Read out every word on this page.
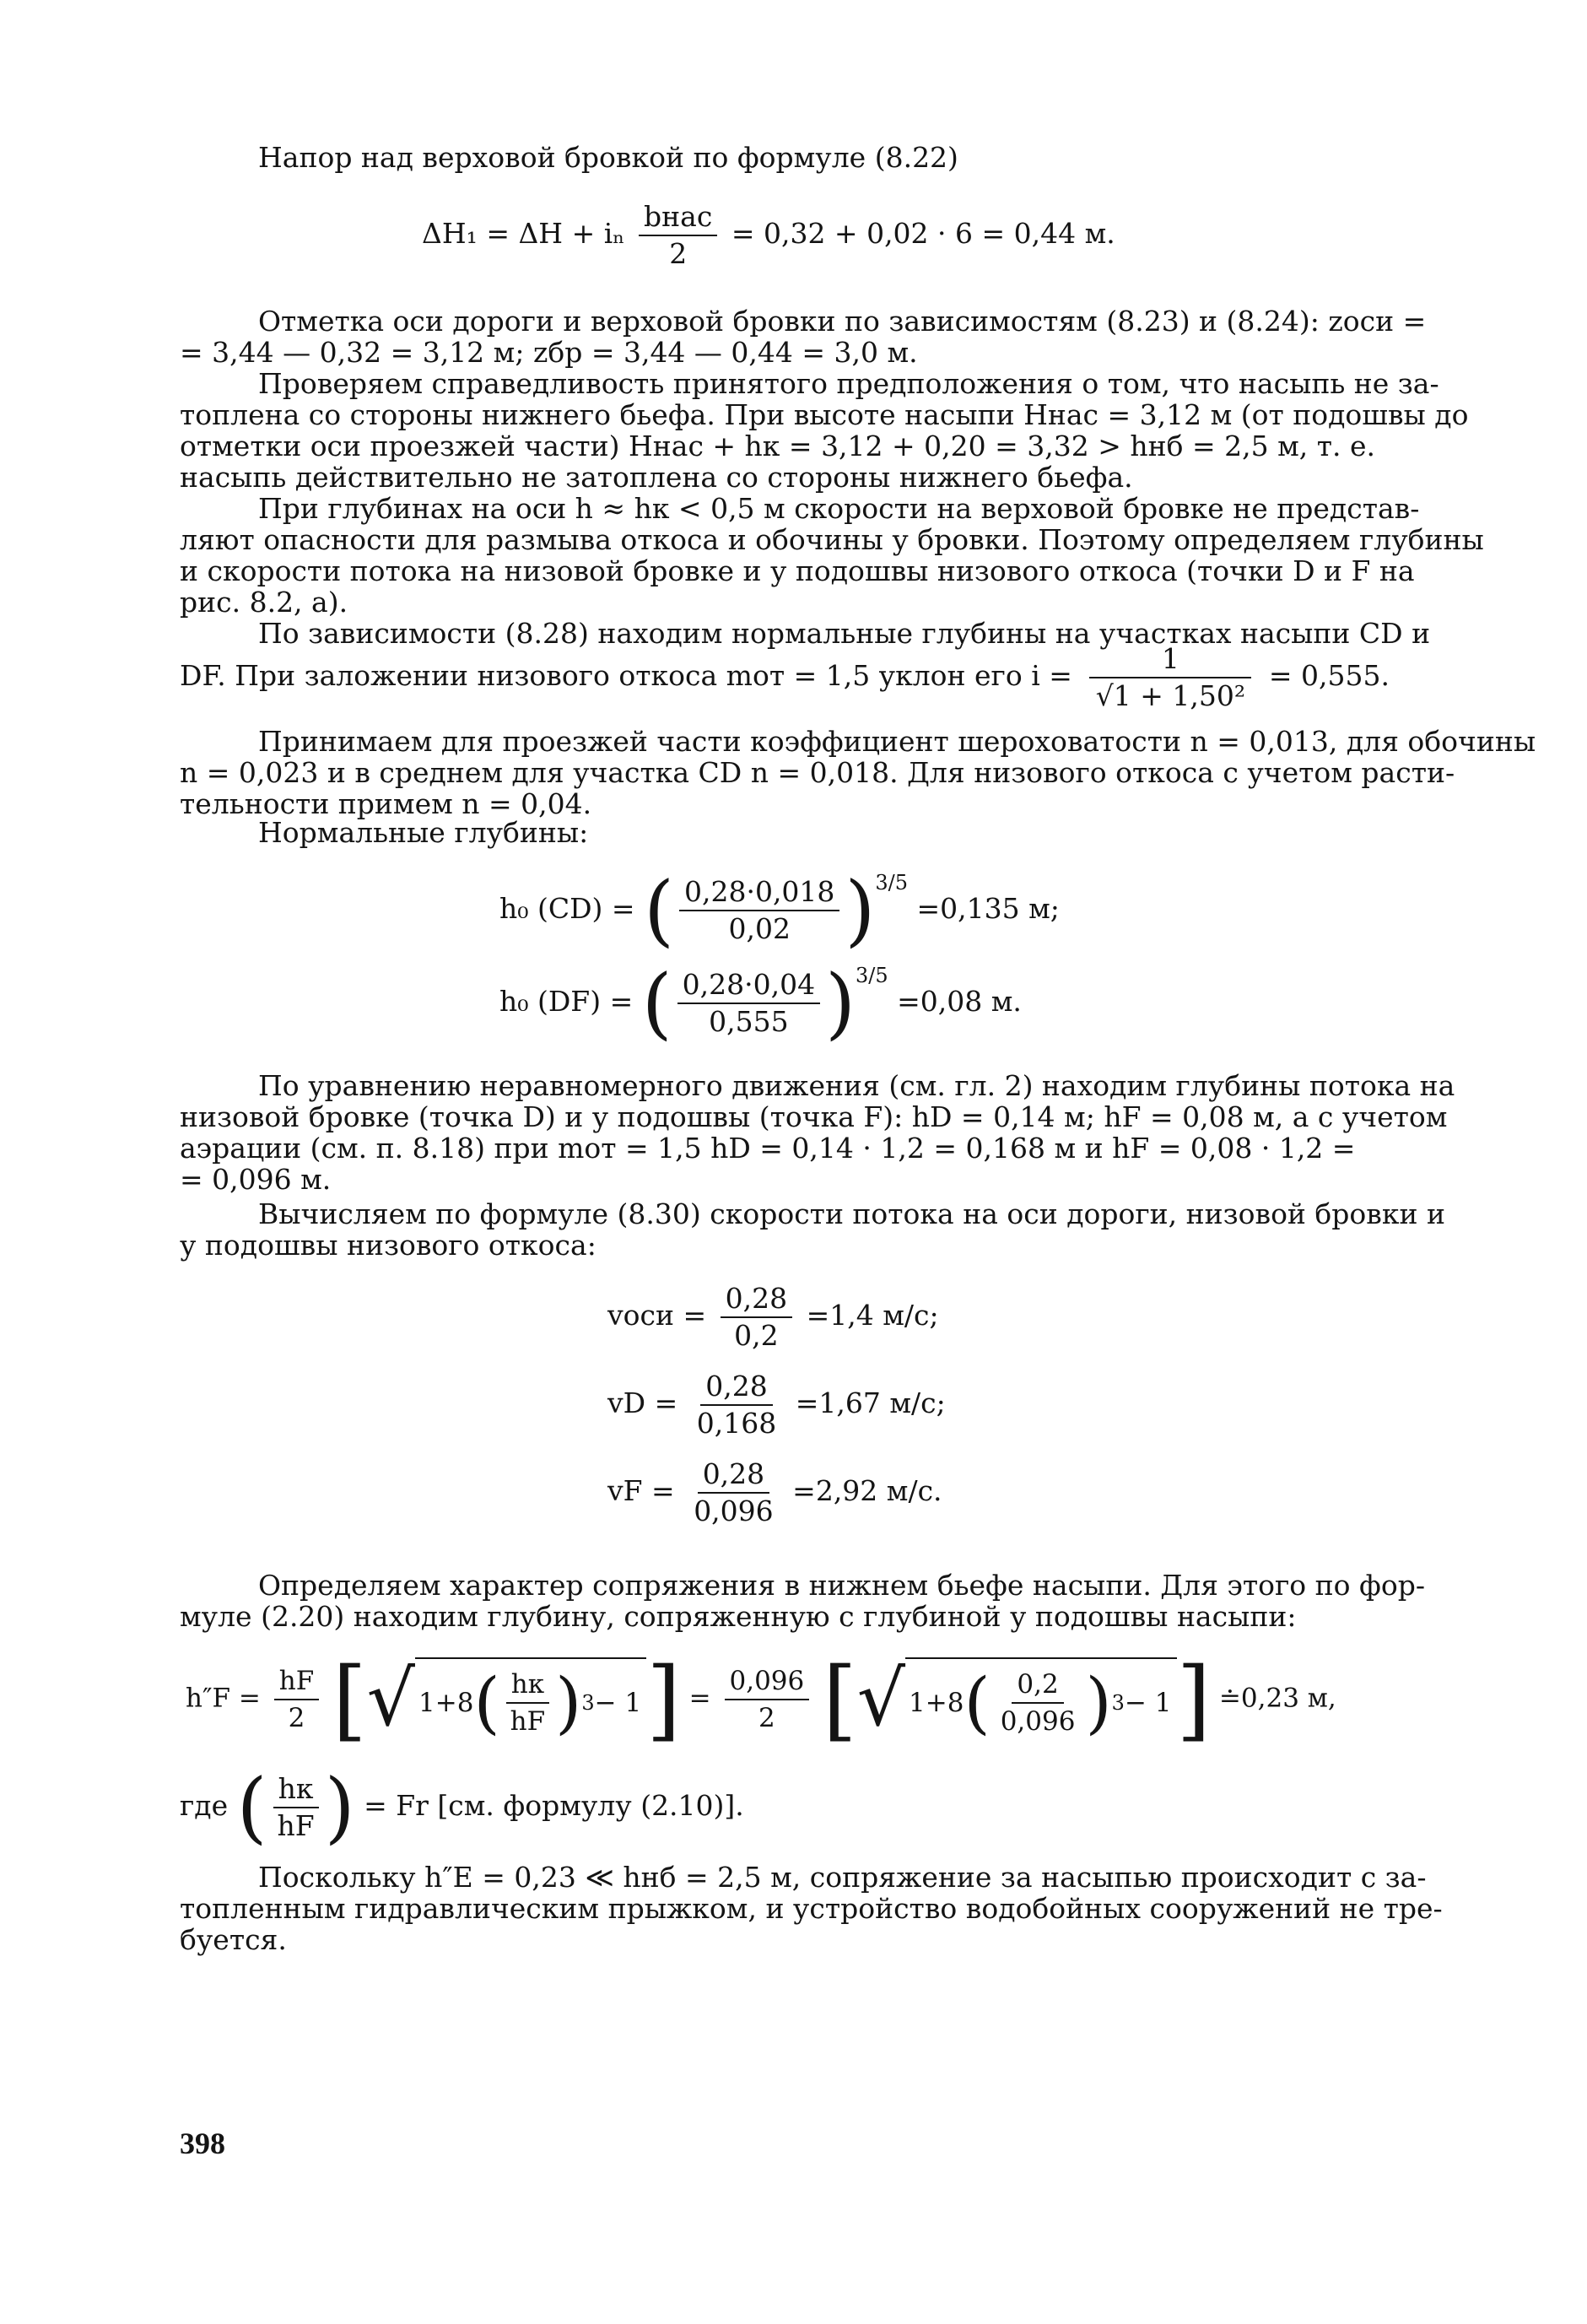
Напор над верховой бровкой по формуле (8.22)

ΔH₁ = ΔH + iₙ $\frac{\text{bнас}}{2} = 0,32 + 0,02 \cdot 6 = 0,44$ м.

Отметка оси дороги и верховой бровки по зависимостям (8.23) и (8.24): zоси =
= 3,44 — 0,32 = 3,12 м; zбр = 3,44 — 0,44 = 3,0 м.

Проверяем справедливость принятого предположения о том, что насыпь не за-
топлена со стороны нижнего бьефа. При высоте насыпи Hнас = 3,12 м (от подошвы до
отметки оси проезжей части) Hнас + hк = 3,12 + 0,20 = 3,32 > hнб = 2,5 м, т. е.
насыпь действительно не затоплена со стороны нижнего бьефа.

При глубинах на оси h ≈ hк < 0,5 м скорости на верховой бровке не представ-
ляют опасности для размыва откоса и обочины у бровки. Поэтому определяем глубины
и скорости потока на низовой бровке и у подошвы низового откоса (точки D и F на
рис. 8.2, а).

По зависимости (8.28) находим нормальные глубины на участках насыпи CD и

DF. При заложении низового откоса mот = 1,5 уклон его $i = \frac{1}{\text{√1 + 1,50²}} = 0,555$.

Принимаем для проезжей части коэффициент шероховатости n = 0,013, для обочины
n = 0,023 и в среднем для участка CD n = 0,018. Для низового откоса с учетом расти-
тельности примем n = 0,04.

Нормальные глубины:

h₀ (CD) = ( $\frac{0,28\cdot 0,018}{0,02} )^{3/5} =0,135$ м;
h₀ (DF) = ( $\frac{0,28\cdot 0,04}{0,555} )^{3/5} =0,08$ м.

По уравнению неравномерного движения (см. гл. 2) находим глубины потока на
низовой бровке (точка D) и у подошвы (точка F): hD = 0,14 м; hF = 0,08 м, а с учетом
аэрации (см. п. 8.18) при mот = 1,5 hD = 0,14 · 1,2 = 0,168 м и hF = 0,08 · 1,2 =
= 0,096 м.

Вычисляем по формуле (8.30) скорости потока на оси дороги, низовой бровки и
у подошвы низового откоса:

vоси = $\frac{0,28}{0,2} =1,4$ м/с;
vD = $\frac{0,28}{0,168} =1,67$ м/с;
vF = $\frac{0,28}{0,096} =2,92$ м/с.

Определяем характер сопряжения в нижнем бьефе насыпи. Для этого по фор-
муле (2.20) находим глубину, сопряженную с глубиной у подошвы насыпи:

$h''F = \frac{hF}{2}$ [ √ 1+8 ( $\frac{hк}{hF}$ ) 3 − 1 ] = $\frac{0,096}{2}$ [ √ 1+8 ( $\frac{0,2}{0,096}$ ) 3 − 1 ] ≐0,23 м,
где ( $\frac{hк}{hF}$ ) = Fr [см. формулу (2.10)].

Поскольку h″E = 0,23 ≪ hнб = 2,5 м, сопряжение за насыпью происходит с за-
топленным гидравлическим прыжком, и устройство водобойных сооружений не тре-
буется.

398
